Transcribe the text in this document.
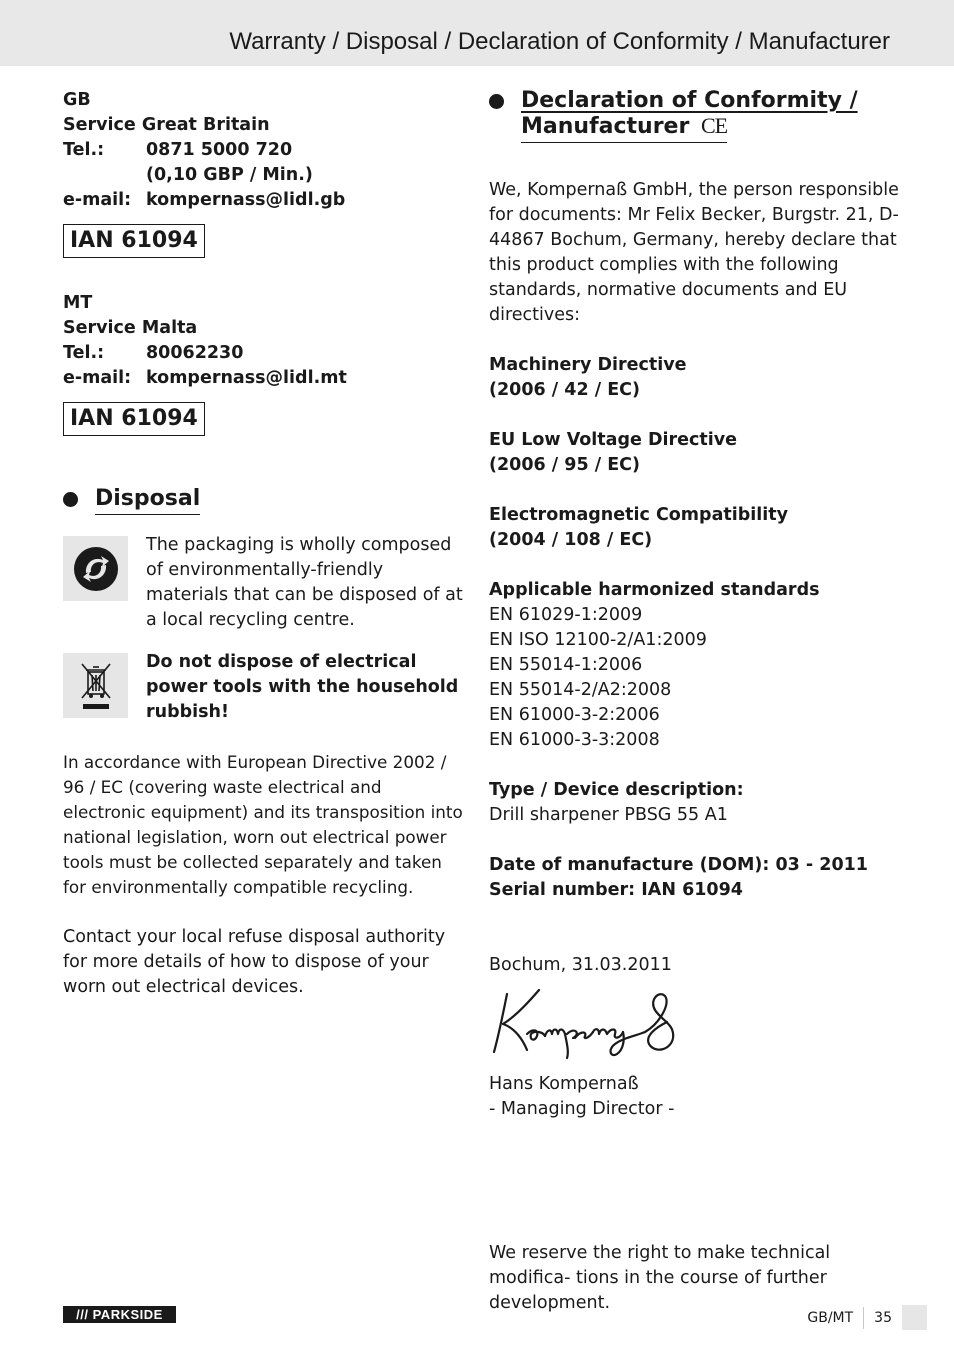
Warranty / Disposal / Declaration of Conformity / Manufacturer
GB
Service Great Britain
Tel.:	0871 5000 720
(0,10 GBP / Min.)
e-mail: kompernass@lidl.gb
IAN 61094
MT
Service Malta
Tel.:	80062230
e-mail: kompernass@lidl.mt
IAN 61094
Disposal
The packaging is wholly composed of environmentally-friendly materials that can be disposed of at a local recycling centre.
Do not dispose of electrical power tools with the household rubbish!

In accordance with European Directive 2002 / 96 / EC (covering waste electrical and electronic equipment) and its transposition into national legislation, worn out electrical power tools must be collected separately and taken for environmentally compatible recycling.

Contact your local refuse disposal authority for more details of how to dispose of your worn out electrical devices.

Declaration of Conformity /
Manufacturer CE

We, Kompernaß GmbH, the person responsible for documents: Mr Felix Becker, Burgstr. 21, D-44867 Bochum, Germany, hereby declare that this product complies with the following standards, normative documents and EU directives:

Machinery Directive
(2006 / 42 / EC)
EU Low Voltage Directive
(2006 / 95 / EC)
Electromagnetic Compatibility
(2004 / 108 / EC)
Applicable harmonized standards
EN 61029-1:2009
EN ISO 12100-2/A1:2009
EN 55014-1:2006
EN 55014-2/A2:2008
EN 61000-3-2:2006
EN 61000-3-3:2008
Type / Device description:
Drill sharpener PBSG 55 A1
Date of manufacture (DOM): 03 - 2011
Serial number: IAN 61094
Bochum, 31.03.2011
Hans Kompernaß
- Managing Director -

We reserve the right to make technical modifica- tions in the course of further development.

/// PARKSIDE	GB/MT 35
